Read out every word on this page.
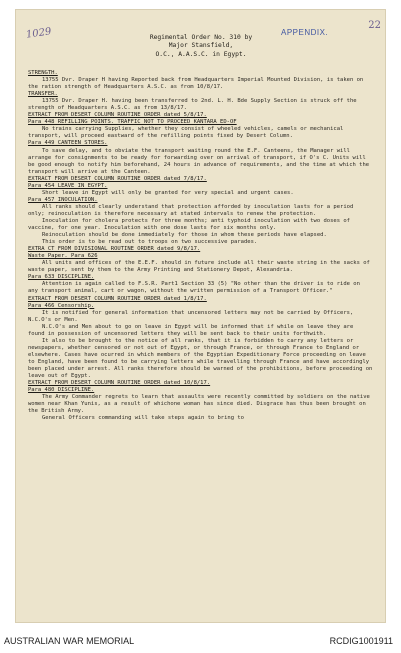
1029
22
APPENDIX.
Regimental Order No. 310 by
Major Stansfield,
O.C., A.A.S.C. in Egypt.
STRENGTH.
13755 Dvr. Draper H having Reported back from Headquarters Imperial Mounted Division, is taken on the ration strength of Headquarters A.S.C. as from 10/8/17.
TRANSFER.
13755 Dvr. Draper H. having been transferred to 2nd. L. H. Bde Supply Section is struck off the strength of Headquarters A.S.C. as from 13/8/17.
EXTRACT FROM DESERT COLUMN ROUTINE ORDER dated 5/8/17.
Para 448 REFILLING POINTS. TRAFFIC NOT TO PROCEED KANTARA ED-OF
No trains carrying Supplies, whether they consist of wheeled vehicles, camels or mechanical transport, will proceed eastward of the refilling points fixed by Desert Column.
Para 449 CANTEEN STORES.
To save delay, and to obviate the transport waiting round the E.F. Canteens, the Manager will arrange for consignments to be ready for forwarding over on arrival of transport, if O's C. Units will be good enough to notify him beforehand, 24 hours in advance of requirements, and the time at which the transport will arrive at the Canteen.
EXTRACT FROM DESERT COLUMN ROUTINE ORDER dated 7/8/17.
Para 454 LEAVE IN EGYPT.
Short leave in Egypt will only be granted for very special and urgent cases.
Para 457 INOCULATION.
All ranks should clearly understand that protection afforded by inoculation lasts for a period only; reinoculation is therefore necessary at stated intervals to renew the protection.
Inoculation for cholera protects for three months; anti typhoid inoculation with two doses of vaccine, for one year. Inoculation with one dose lasts for six months only.
Reinoculation should be done immediately for those in whom these periods have elapsed.
This order is to be read out to troops on two successive parades.
EXTRA CT FROM DIVISIONAL ROUTINE ORDER dated 9/8/17.
Waste Paper. Para 626
All units and offices of the E.E.F. should in future include all their waste string in the sacks of waste paper, sent by them to the Army Printing and Stationery Depot, Alexandria.
Para 633 DISCIPLINE.
Attention is again called to F.S.R. Part1 Section 33 (5) "No other than the driver is to ride on any transport animal, cart or wagon, without the written permission of a Transport Officer."
EXTRACT FROM DESERT COLUMN ROUTINE ORDER dated 1/8/17.
Para 466 Censorship.
It is notified for general information that uncensored letters may not be carried by Officers, N.C.O's or Men.
N.C.O's and Men about to go on leave in Egypt will be informed that if while on leave they are found in possession of uncensored letters they will be sent back to their units forthwith.
It also to be brought to the notice of all ranks, that it is forbidden to carry any letters or newspapers, whether censored or not out of Egypt, or through France, or through France to England or elsewhere. Cases have ocurred in which members of the Egyptian Expeditionary Force proceeding on leave to England, have been found to be carrying letters while travelling through France and have accordingly been placed under arrest. All ranks therefore should be warned of the prohibitions, before proceeding on leave out of Egypt.
EXTRACT FROM DESERT COLUMN ROUTINE ORDER dated 10/8/17.
Para 480 DISCIPLINE.
The Army Commander regrets to learn that assaults were recently committed by soldiers on the native women near Khan Yunis, as a result of whichone woman has since died. Disgrace has thus been brought on the British Army.
General Officers commanding will take steps again to bring to
AUSTRALIAN WAR MEMORIAL	RCDIG1001911
